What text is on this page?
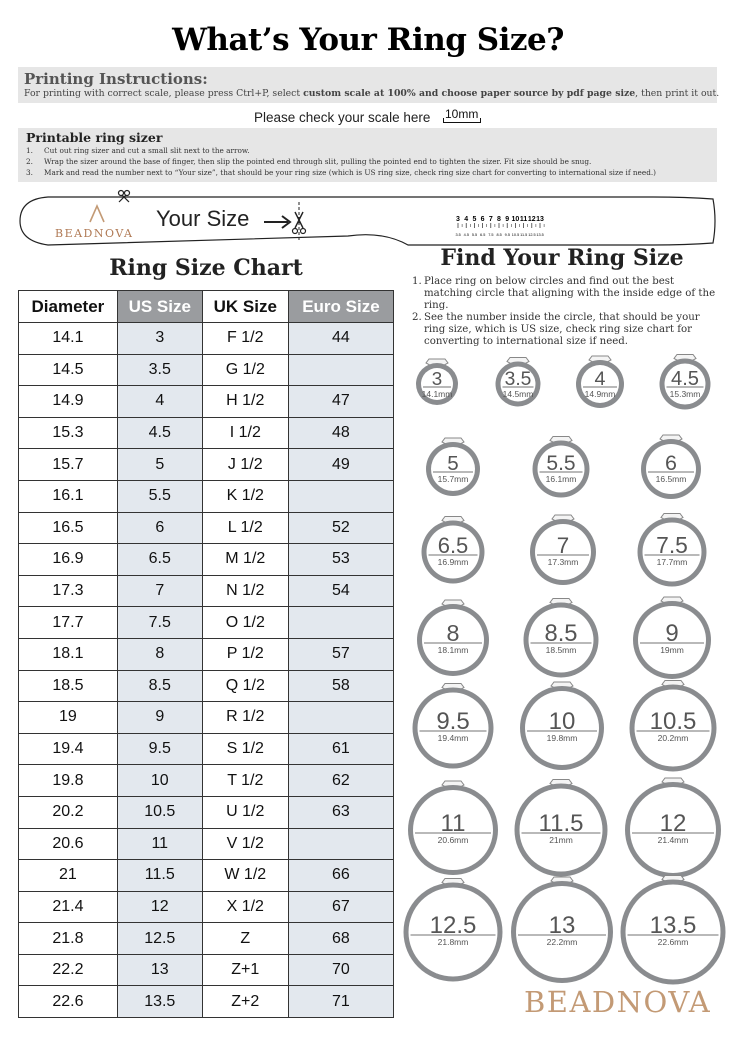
What’s Your Ring Size?
Printing Instructions:
For printing with correct scale, please press Ctrl+P, select custom scale at 100% and choose paper source by pdf page size, then print it out.
Please check your scale here 10mm
Printable ring sizer
1. Cut out ring sizer and cut a small slit next to the arrow.
2. Wrap the sizer around the base of finger, then slip the pointed end through slit, pulling the pointed end to tighten the sizer. Fit size should be snug.
3. Mark and read the number next to “Your size”, that should be your ring size (which is US ring size, check ring size chart for converting to international size if need.)
3 4 5 6 7 8 9 10 11 12 13
3.5 4.5 5.5 6.5 7.5 8.5 9.5 10.5 11.5 12.5 13.5
Your Size
BEADNOVA
Ring Size Chart
Diameter	US Size	UK Size	Euro Size
14.1	3	F 1/2	44
14.5	3.5	G 1/2	
14.9	4	H 1/2	47
15.3	4.5	I 1/2	48
15.7	5	J 1/2	49
16.1	5.5	K 1/2	
16.5	6	L 1/2	52
16.9	6.5	M 1/2	53
17.3	7	N 1/2	54
17.7	7.5	O 1/2	
18.1	8	P 1/2	57
18.5	8.5	Q 1/2	58
19	9	R 1/2	
19.4	9.5	S 1/2	61
19.8	10	T 1/2	62
20.2	10.5	U 1/2	63
20.6	11	V 1/2	
21	11.5	W 1/2	66
21.4	12	X 1/2	67
21.8	12.5	Z	68
22.2	13	Z+1	70
22.6	13.5	Z+2	71
Find Your Ring Size
1. Place ring on below circles and find out the best matching circle that aligning with the inside edge of the ring.
2. See the number inside the circle, that should be your ring size, which is US size, check ring size chart for converting to international size if need.
3
14.1mm
3.5
14.5mm
4
14.9mm
4.5
15.3mm
5
15.7mm
5.5
16.1mm
6
16.5mm
6.5
16.9mm
7
17.3mm
7.5
17.7mm
8
18.1mm
8.5
18.5mm
9
19mm
9.5
19.4mm
10
19.8mm
10.5
20.2mm
11
20.6mm
11.5
21mm
12
21.4mm
12.5
21.8mm
13
22.2mm
13.5
22.6mm
BEADNOVA
